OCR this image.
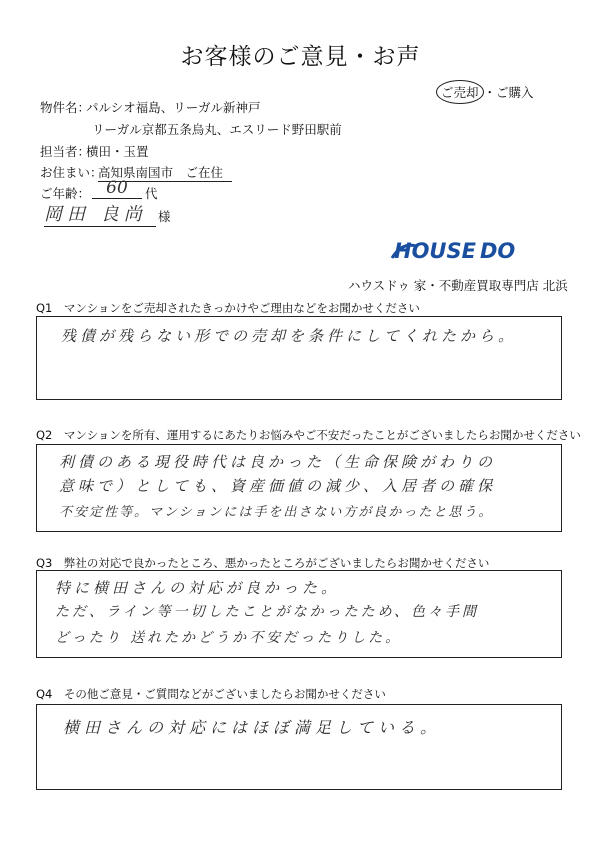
お客様のご意見・お声
ご売却 ・ご購入
物件名：
パルシオ福島、リーガル新神戸
リーガル京都五条烏丸、エスリード野田駅前
担当者：
横田・玉置
お住まい：
高知県南国市　ご在住
ご年齢： 60	代
岡田 良尚 様
HOUSE DO
ハウスドゥ 家・不動産買取専門店 北浜
Q1　マンションをご売却されたきっかけやご理由などをお聞かせください
残債が残らない形での売却を条件にしてくれたから。
Q2　マンションを所有、運用するにあたりお悩みやご不安だったことがございましたらお聞かせください
利債のある現役時代は良かった（生命保険がわりの
意味で）としても、資産価値の減少、入居者の確保
不安定性等。マンションには手を出さない方が良かったと思う。
Q3　弊社の対応で良かったところ、悪かったところがございましたらお聞かせください
特に横田さんの対応が良かった。
ただ、ライン等一切したことがなかったため、色々手間
どったり 送れたかどうか不安だったりした。
Q4　その他ご意見・ご質問などがございましたらお聞かせください
横田さんの対応にはほぼ満足している。
